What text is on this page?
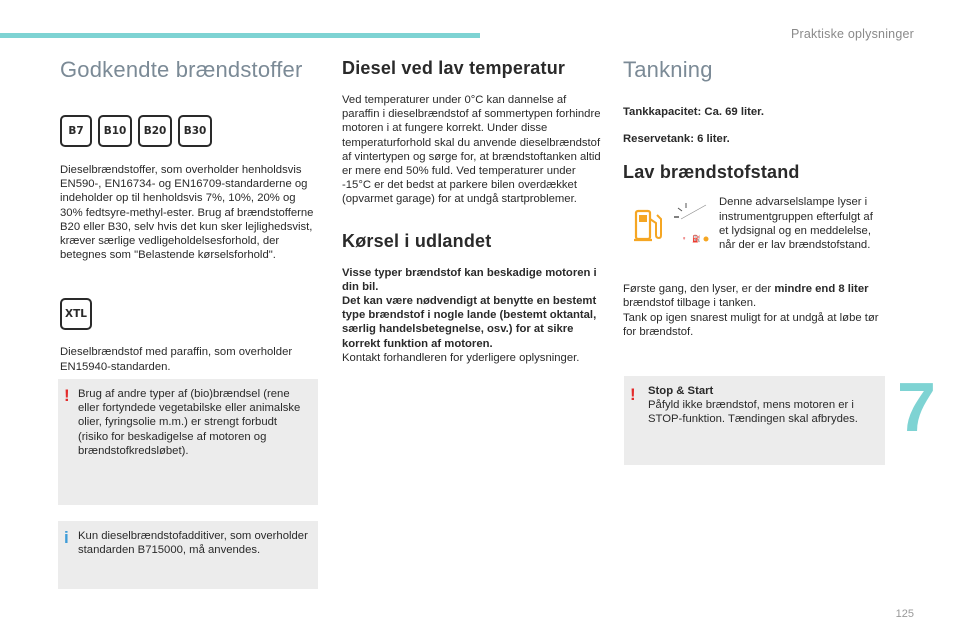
Praktiske oplysninger
7
125
Godkendte brændstoffer
B7	B10	B20	B30

Dieselbrændstoffer, som overholder henholdsvis EN590-, EN16734- og EN16709-standarderne og indeholder op til henholdsvis 7%, 10%, 20% og 30% fedtsyre-methyl-ester. Brug af brændstofferne B20 eller B30, selv hvis det kun sker lejlighedsvist, kræver særlige vedligeholdelsesforhold, der betegnes som "Belastende kørselsforhold".

XTL

Dieselbrændstof med paraffin, som overholder EN15940-standarden.

! Brug af andre typer af (bio)brændsel (rene eller fortyndede vegetabilske eller animalske olier, fyringsolie m.m.) er strengt forbudt (risiko for beskadigelse af motoren og brændstofkredsløbet).

i Kun dieselbrændstofadditiver, som overholder standarden B715000, må anvendes.

Diesel ved lav temperatur

Ved temperaturer under 0°C kan dannelse af paraffin i dieselbrændstof af sommertypen forhindre motoren i at fungere korrekt. Under disse temperaturforhold skal du anvende dieselbrændstof af vintertypen og sørge for, at brændstoftanken altid er mere end 50% fuld. Ved temperaturer under -15°C er det bedst at parkere bilen overdækket (opvarmet garage) for at undgå startproblemer.

Kørsel i udlandet

Visse typer brændstof kan beskadige motoren i din bil.

Det kan være nødvendigt at benytte en bestemt type brændstof i nogle lande (bestemt oktantal, særlig handelsbetegnelse, osv.) for at sikre korrekt funktion af motoren.

Kontakt forhandleren for yderligere oplysninger.

Tankning

Tankkapacitet: Ca. 69 liter.

Reservetank: 6 liter.

Lav brændstofstand

Denne advarselslampe lyser i instrumentgruppen efterfulgt af et lydsignal og en meddelelse, når der er lav brændstofstand.

Første gang, den lyser, er der mindre end 8 liter brændstof tilbage i tanken.

Tank op igen snarest muligt for at undgå at løbe tør for brændstof.

ᵍ ⛽
! Stop & Start

Påfyld ikke brændstof, mens motoren er i STOP-funktion. Tændingen skal afbrydes.
